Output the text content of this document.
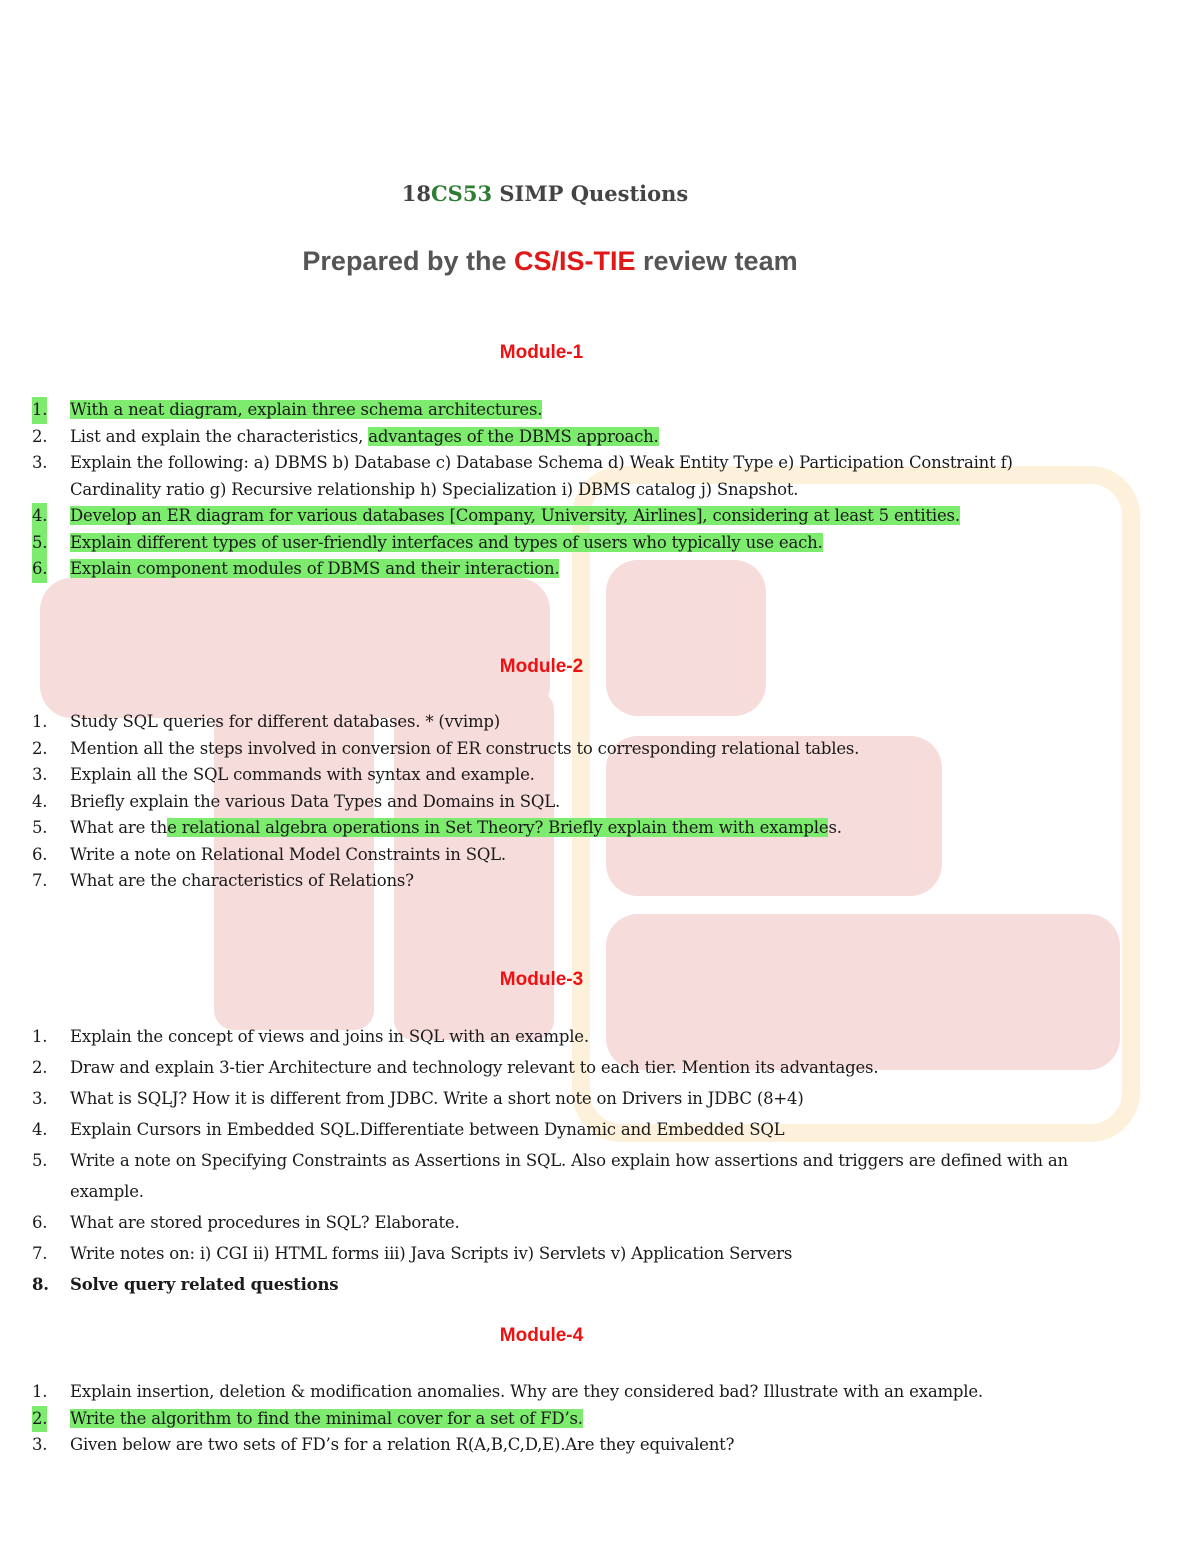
18CS53 SIMP Questions
Prepared by the CS/IS-TIE review team
Module-1
1. With a neat diagram, explain three schema architectures.
2. List and explain the characteristics, advantages of the DBMS approach.
3. Explain the following: a) DBMS b) Database c) Database Schema d) Weak Entity Type e) Participation Constraint f) Cardinality ratio g) Recursive relationship h) Specialization i) DBMS catalog j) Snapshot.
4. Develop an ER diagram for various databases [Company, University, Airlines], considering at least 5 entities.
5. Explain different types of user-friendly interfaces and types of users who typically use each.
6. Explain component modules of DBMS and their interaction.
Module-2
1. Study SQL queries for different databases. * (vvimp)
2. Mention all the steps involved in conversion of ER constructs to corresponding relational tables.
3. Explain all the SQL commands with syntax and example.
4. Briefly explain the various Data Types and Domains in SQL.
5. What are the relational algebra operations in Set Theory? Briefly explain them with examples.
6. Write a note on Relational Model Constraints in SQL.
7. What are the characteristics of Relations?
Module-3
1. Explain the concept of views and joins in SQL with an example.
2. Draw and explain 3-tier Architecture and technology relevant to each tier. Mention its advantages.
3. What is SQLJ? How it is different from JDBC. Write a short note on Drivers in JDBC (8+4)
4. Explain Cursors in Embedded SQL.Differentiate between Dynamic and Embedded SQL
5. Write a note on Specifying Constraints as Assertions in SQL. Also explain how assertions and triggers are defined with an example.
6. What are stored procedures in SQL? Elaborate.
7. Write notes on: i) CGI ii) HTML forms iii) Java Scripts iv) Servlets v) Application Servers
8. Solve query related questions
Module-4
1. Explain insertion, deletion & modification anomalies. Why are they considered bad? Illustrate with an example.
2. Write the algorithm to find the minimal cover for a set of FD’s.
3. Given below are two sets of FD’s for a relation R(A,B,C,D,E).Are they equivalent?
